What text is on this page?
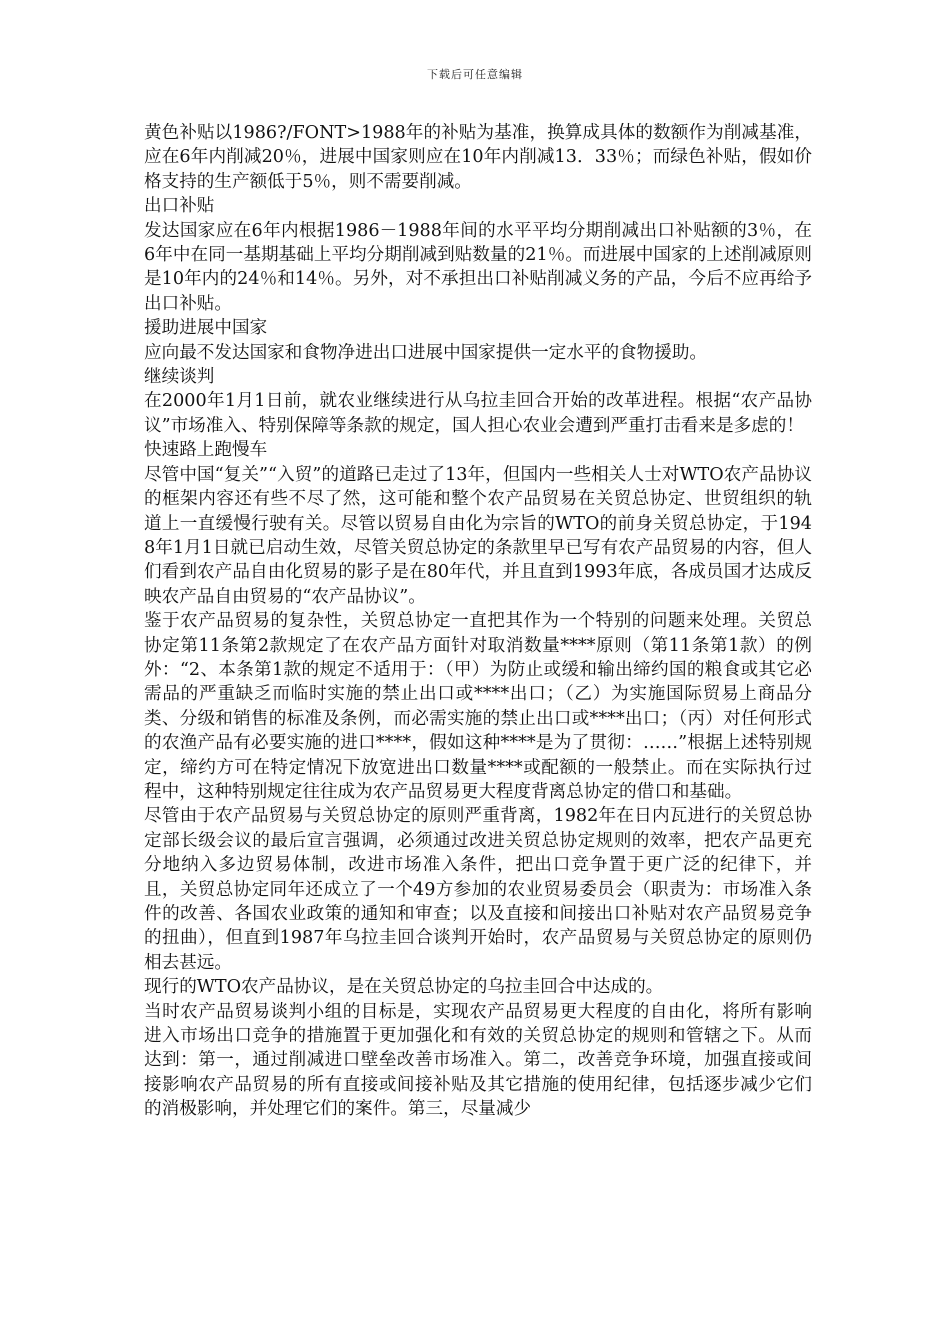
下载后可任意编辑

黄色补贴以1986?/FONT>1988年的补贴为基准，换算成具体的数额作为削减基准，应在6年内削减20％，进展中国家则应在10年内削减13．33％；而绿色补贴，假如价格支持的生产额低于5％，则不需要削减。

出口补贴

发达国家应在6年内根据1986－1988年间的水平平均分期削减出口补贴额的3％，在6年中在同一基期基础上平均分期削减到贴数量的21％。而进展中国家的上述削减原则是10年内的24％和14％。另外，对不承担出口补贴削减义务的产品，今后不应再给予出口补贴。

援助进展中国家

应向最不发达国家和食物净进出口进展中国家提供一定水平的食物援助。

继续谈判

在2000年1月1日前，就农业继续进行从乌拉圭回合开始的改革进程。根据“农产品协议”市场准入、特别保障等条款的规定，国人担心农业会遭到严重打击看来是多虑的！

快速路上跑慢车

尽管中国“复关”“入贸”的道路已走过了13年，但国内一些相关人士对WTO农产品协议的框架内容还有些不尽了然，这可能和整个农产品贸易在关贸总协定、世贸组织的轨道上一直缓慢行驶有关。尽管以贸易自由化为宗旨的WTO的前身关贸总协定，于1948年1月1日就已启动生效，尽管关贸总协定的条款里早已写有农产品贸易的内容，但人们看到农产品自由化贸易的影子是在80年代，并且直到1993年底，各成员国才达成反映农产品自由贸易的“农产品协议”。

鉴于农产品贸易的复杂性，关贸总协定一直把其作为一个特别的问题来处理。关贸总协定第11条第2款规定了在农产品方面针对取消数量****原则（第11条第1款）的例外：“2、本条第1款的规定不适用于：（甲）为防止或缓和输出缔约国的粮食或其它必需品的严重缺乏而临时实施的禁止出口或****出口；（乙）为实施国际贸易上商品分类、分级和销售的标准及条例，而必需实施的禁止出口或****出口；（丙）对任何形式的农渔产品有必要实施的进口****，假如这种****是为了贯彻：……”根据上述特别规定，缔约方可在特定情况下放宽进出口数量****或配额的一般禁止。而在实际执行过程中，这种特别规定往往成为农产品贸易更大程度背离总协定的借口和基础。

尽管由于农产品贸易与关贸总协定的原则严重背离，1982年在日内瓦进行的关贸总协定部长级会议的最后宣言强调，必须通过改进关贸总协定规则的效率，把农产品更充分地纳入多边贸易体制，改进市场准入条件，把出口竞争置于更广泛的纪律下，并且，关贸总协定同年还成立了一个49方参加的农业贸易委员会（职责为：市场准入条件的改善、各国农业政策的通知和审查；以及直接和间接出口补贴对农产品贸易竞争的扭曲），但直到1987年乌拉圭回合谈判开始时，农产品贸易与关贸总协定的原则仍相去甚远。

现行的WTO农产品协议，是在关贸总协定的乌拉圭回合中达成的。

当时农产品贸易谈判小组的目标是，实现农产品贸易更大程度的自由化，将所有影响进入市场出口竞争的措施置于更加强化和有效的关贸总协定的规则和管辖之下。从而达到：第一，通过削减进口壁垒改善市场准入。第二，改善竞争环境，加强直接或间接影响农产品贸易的所有直接或间接补贴及其它措施的使用纪律，包括逐步减少它们的消极影响，并处理它们的案件。第三，尽量减少
